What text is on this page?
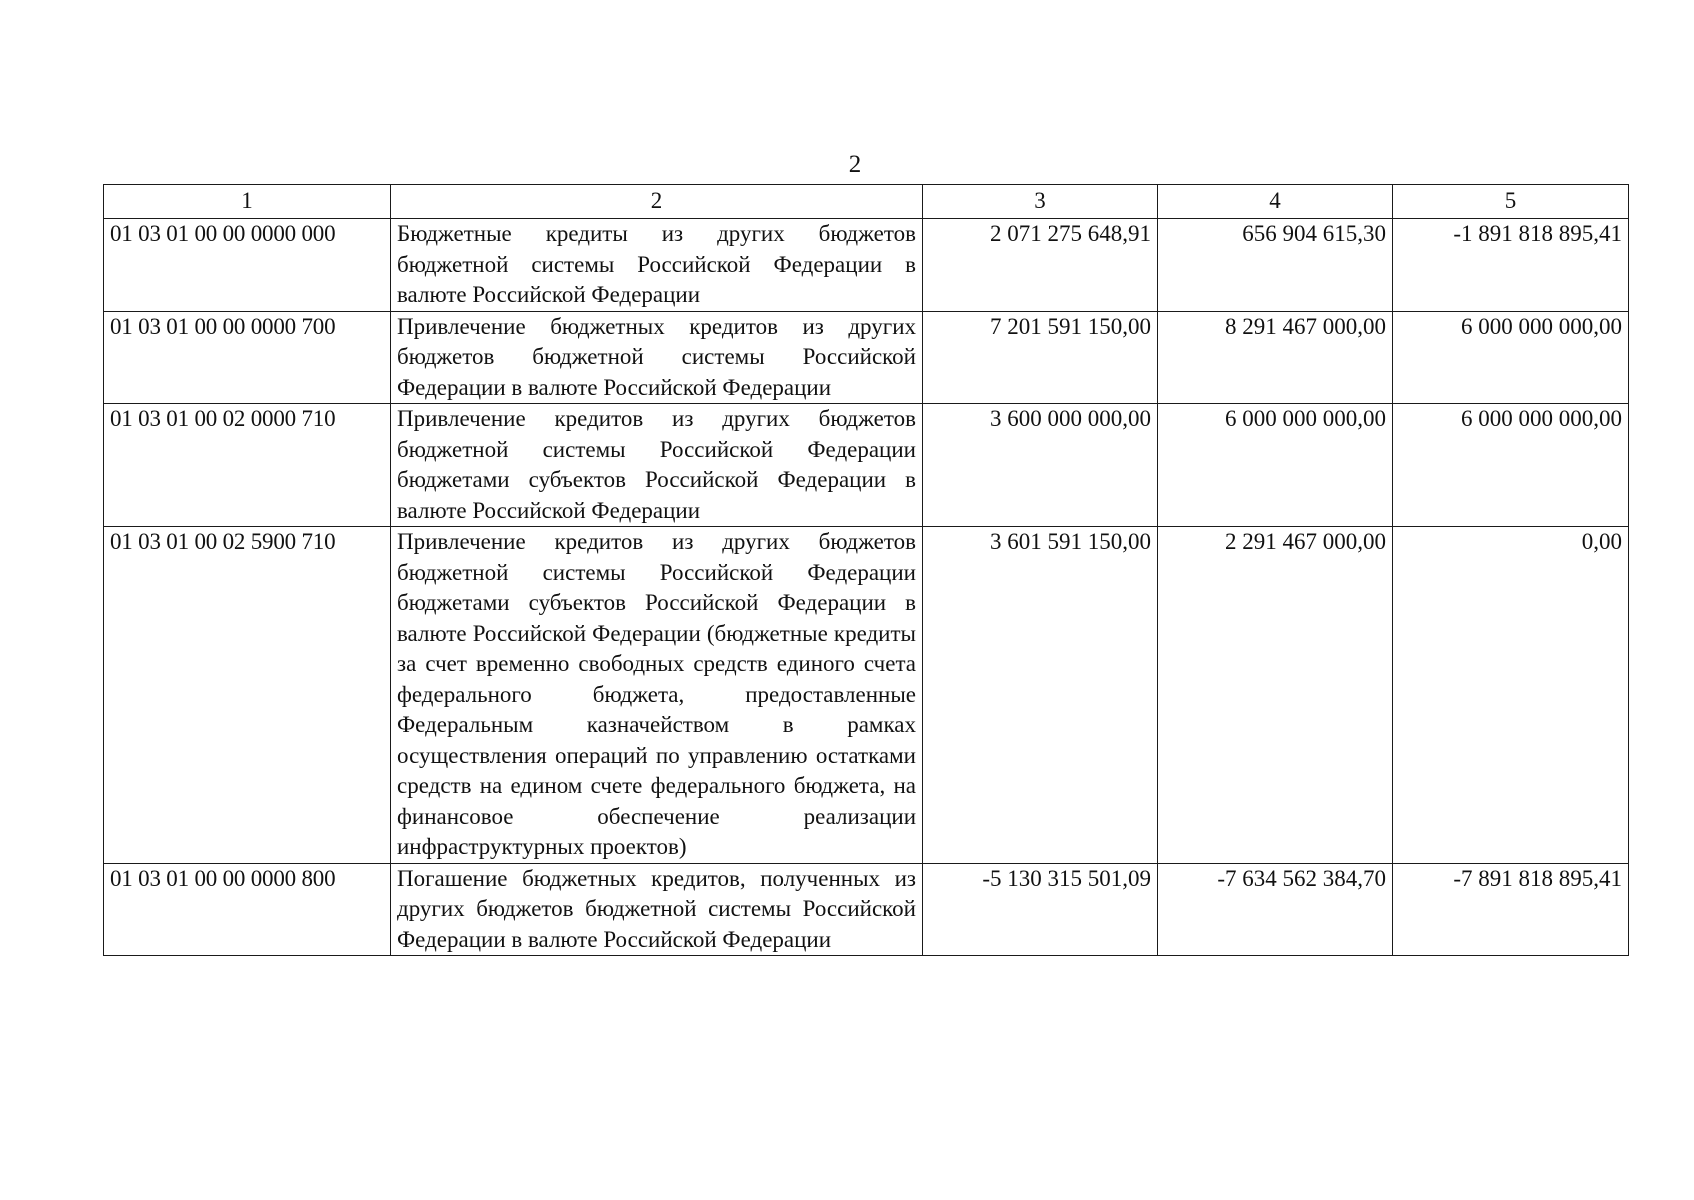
2
1	2	3	4	5
01 03 01 00 00 0000 000	Бюджетные кредиты из других бюджетов бюджетной системы Российской Федерации в валюте Российской Федерации	2 071 275 648,91	656 904 615,30	-1 891 818 895,41
01 03 01 00 00 0000 700	Привлечение бюджетных кредитов из других бюджетов бюджетной системы Российской Федерации в валюте Российской Федерации	7 201 591 150,00	8 291 467 000,00	6 000 000 000,00
01 03 01 00 02 0000 710	Привлечение кредитов из других бюджетов бюджетной системы Российской Федерации бюджетами субъектов Российской Федерации в валюте Российской Федерации	3 600 000 000,00	6 000 000 000,00	6 000 000 000,00
01 03 01 00 02 5900 710	Привлечение кредитов из других бюджетов бюджетной системы Российской Федерации бюджетами субъектов Российской Федерации в валюте Российской Федерации (бюджетные кредиты за счет временно свободных средств единого счета федерального бюджета, предоставленные Федеральным казначейством в рамках осуществления операций по управлению остатками средств на едином счете федерального бюджета, на финансовое обеспечение реализации инфраструктурных проектов)	3 601 591 150,00	2 291 467 000,00	0,00
01 03 01 00 00 0000 800	Погашение бюджетных кредитов, полученных из других бюджетов бюджетной системы Российской Федерации в валюте Российской Федерации	-5 130 315 501,09	-7 634 562 384,70	-7 891 818 895,41
